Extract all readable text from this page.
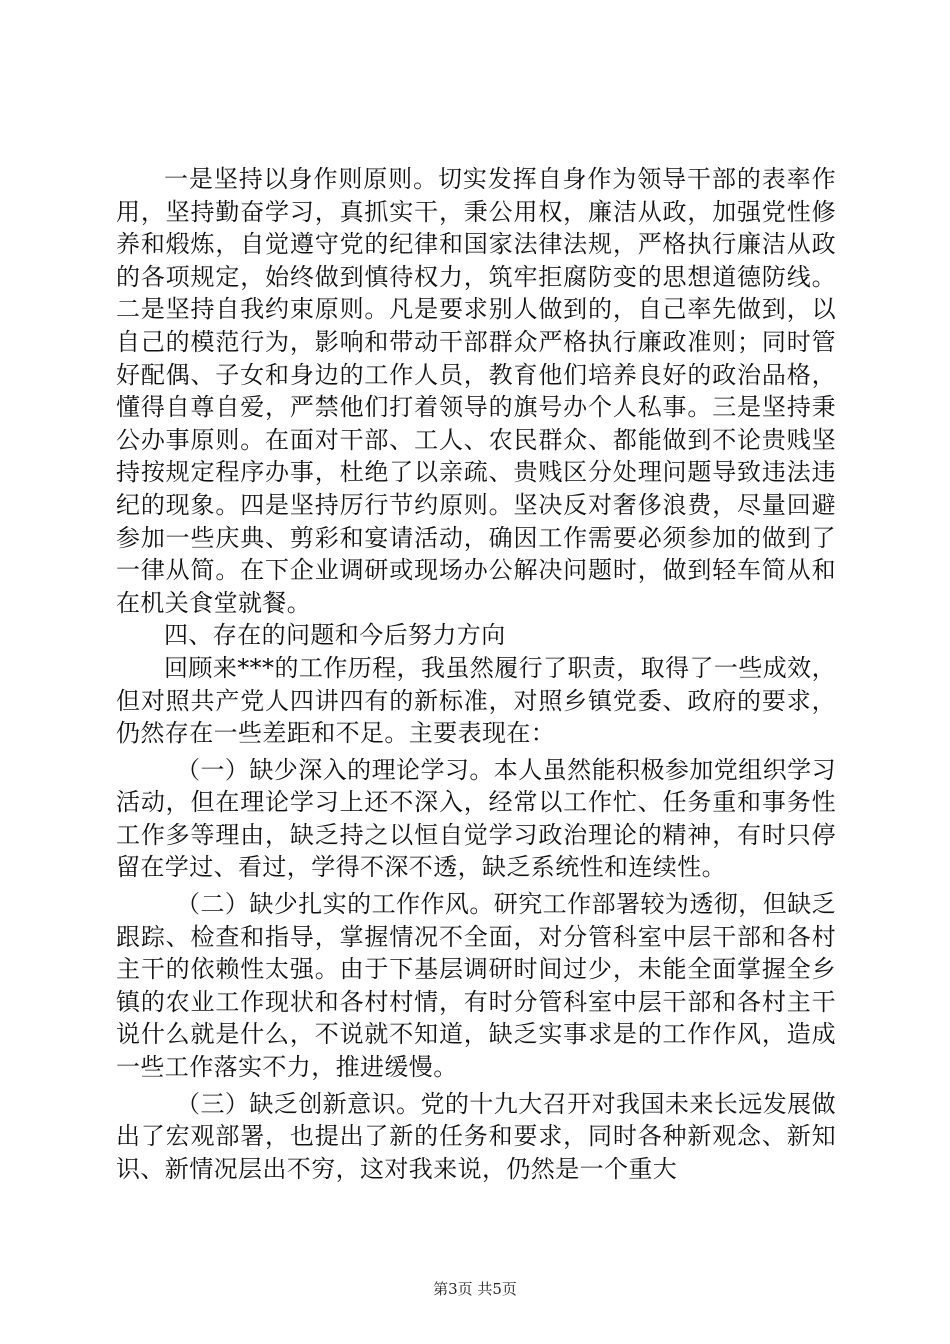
一是坚持以身作则原则。切实发挥自身作为领导干部的表率作用，坚持勤奋学习，真抓实干，秉公用权，廉洁从政，加强党性修养和煅炼，自觉遵守党的纪律和国家法律法规，严格执行廉洁从政的各项规定，始终做到慎待权力，筑牢拒腐防变的思想道德防线。二是坚持自我约束原则。凡是要求别人做到的，自己率先做到，以自己的模范行为，影响和带动干部群众严格执行廉政准则；同时管好配偶、子女和身边的工作人员，教育他们培养良好的政治品格，懂得自尊自爱，严禁他们打着领导的旗号办个人私事。三是坚持秉公办事原则。在面对干部、工人、农民群众、都能做到不论贵贱坚持按规定程序办事，杜绝了以亲疏、贵贱区分处理问题导致违法违纪的现象。四是坚持厉行节约原则。坚决反对奢侈浪费，尽量回避参加一些庆典、剪彩和宴请活动，确因工作需要必须参加的做到了一律从简。在下企业调研或现场办公解决问题时，做到轻车简从和在机关食堂就餐。

四、存在的问题和今后努力方向

回顾来***的工作历程，我虽然履行了职责，取得了一些成效，但对照共产党人四讲四有的新标准，对照乡镇党委、政府的要求，仍然存在一些差距和不足。主要表现在：

（一）缺少深入的理论学习。本人虽然能积极参加党组织学习活动，但在理论学习上还不深入，经常以工作忙、任务重和事务性工作多等理由，缺乏持之以恒自觉学习政治理论的精神，有时只停留在学过、看过，学得不深不透，缺乏系统性和连续性。

（二）缺少扎实的工作作风。研究工作部署较为透彻，但缺乏跟踪、检查和指导，掌握情况不全面，对分管科室中层干部和各村主干的依赖性太强。由于下基层调研时间过少，未能全面掌握全乡镇的农业工作现状和各村村情，有时分管科室中层干部和各村主干说什么就是什么，不说就不知道，缺乏实事求是的工作作风，造成一些工作落实不力，推进缓慢。

（三）缺乏创新意识。党的十九大召开对我国未来长远发展做出了宏观部署，也提出了新的任务和要求，同时各种新观念、新知识、新情况层出不穷，这对我来说，仍然是一个重大

第3页 共5页
